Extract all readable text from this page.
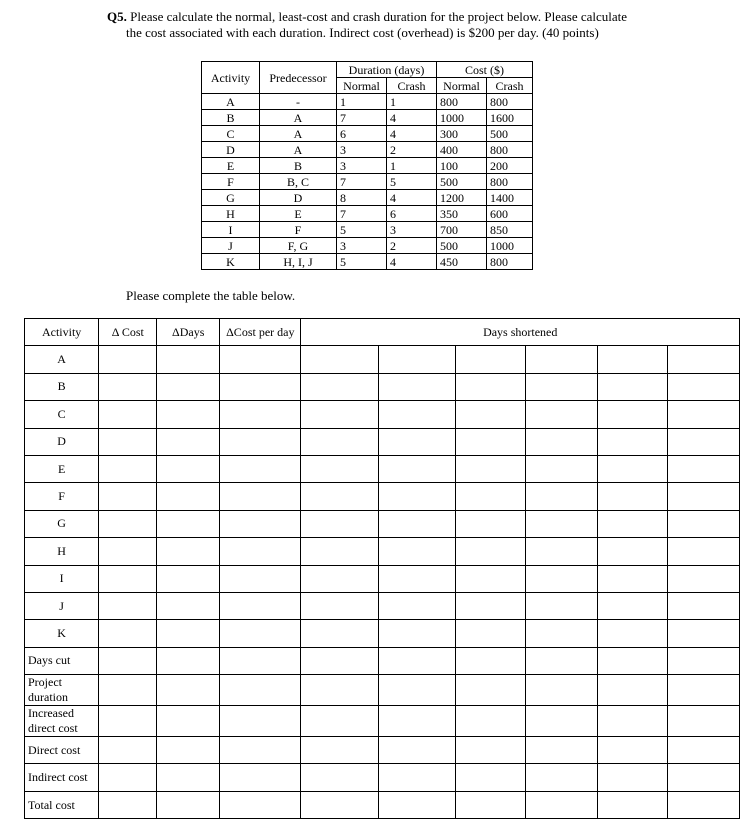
Q5. Please calculate the normal, least-cost and crash duration for the project below. Please calculate
the cost associated with each duration. Indirect cost (overhead) is $200 per day. (40 points)
Activity	Predecessor	Duration (days)		Cost ($)	
		Normal	Crash	Normal	Crash
A	-	1	1	800	800
B	A	7	4	1000	1600
C	A	6	4	300	500
D	A	3	2	400	800
E	B	3	1	100	200
F	B, C	7	5	500	800
G	D	8	4	1200	1400
H	E	7	6	350	600
I	F	5	3	700	850
J	F, G	3	2	500	1000
K	H, I, J	5	4	450	800
Please complete the table below.
Activity	Δ Cost	ΔDays	ΔCost per day	Days shortened					
A									
B									
C									
D									
E									
F									
G									
H									
I									
J									
K									
Days cut									
Project duration									
Increased direct cost									
Direct cost									
Indirect cost									
Total cost									
